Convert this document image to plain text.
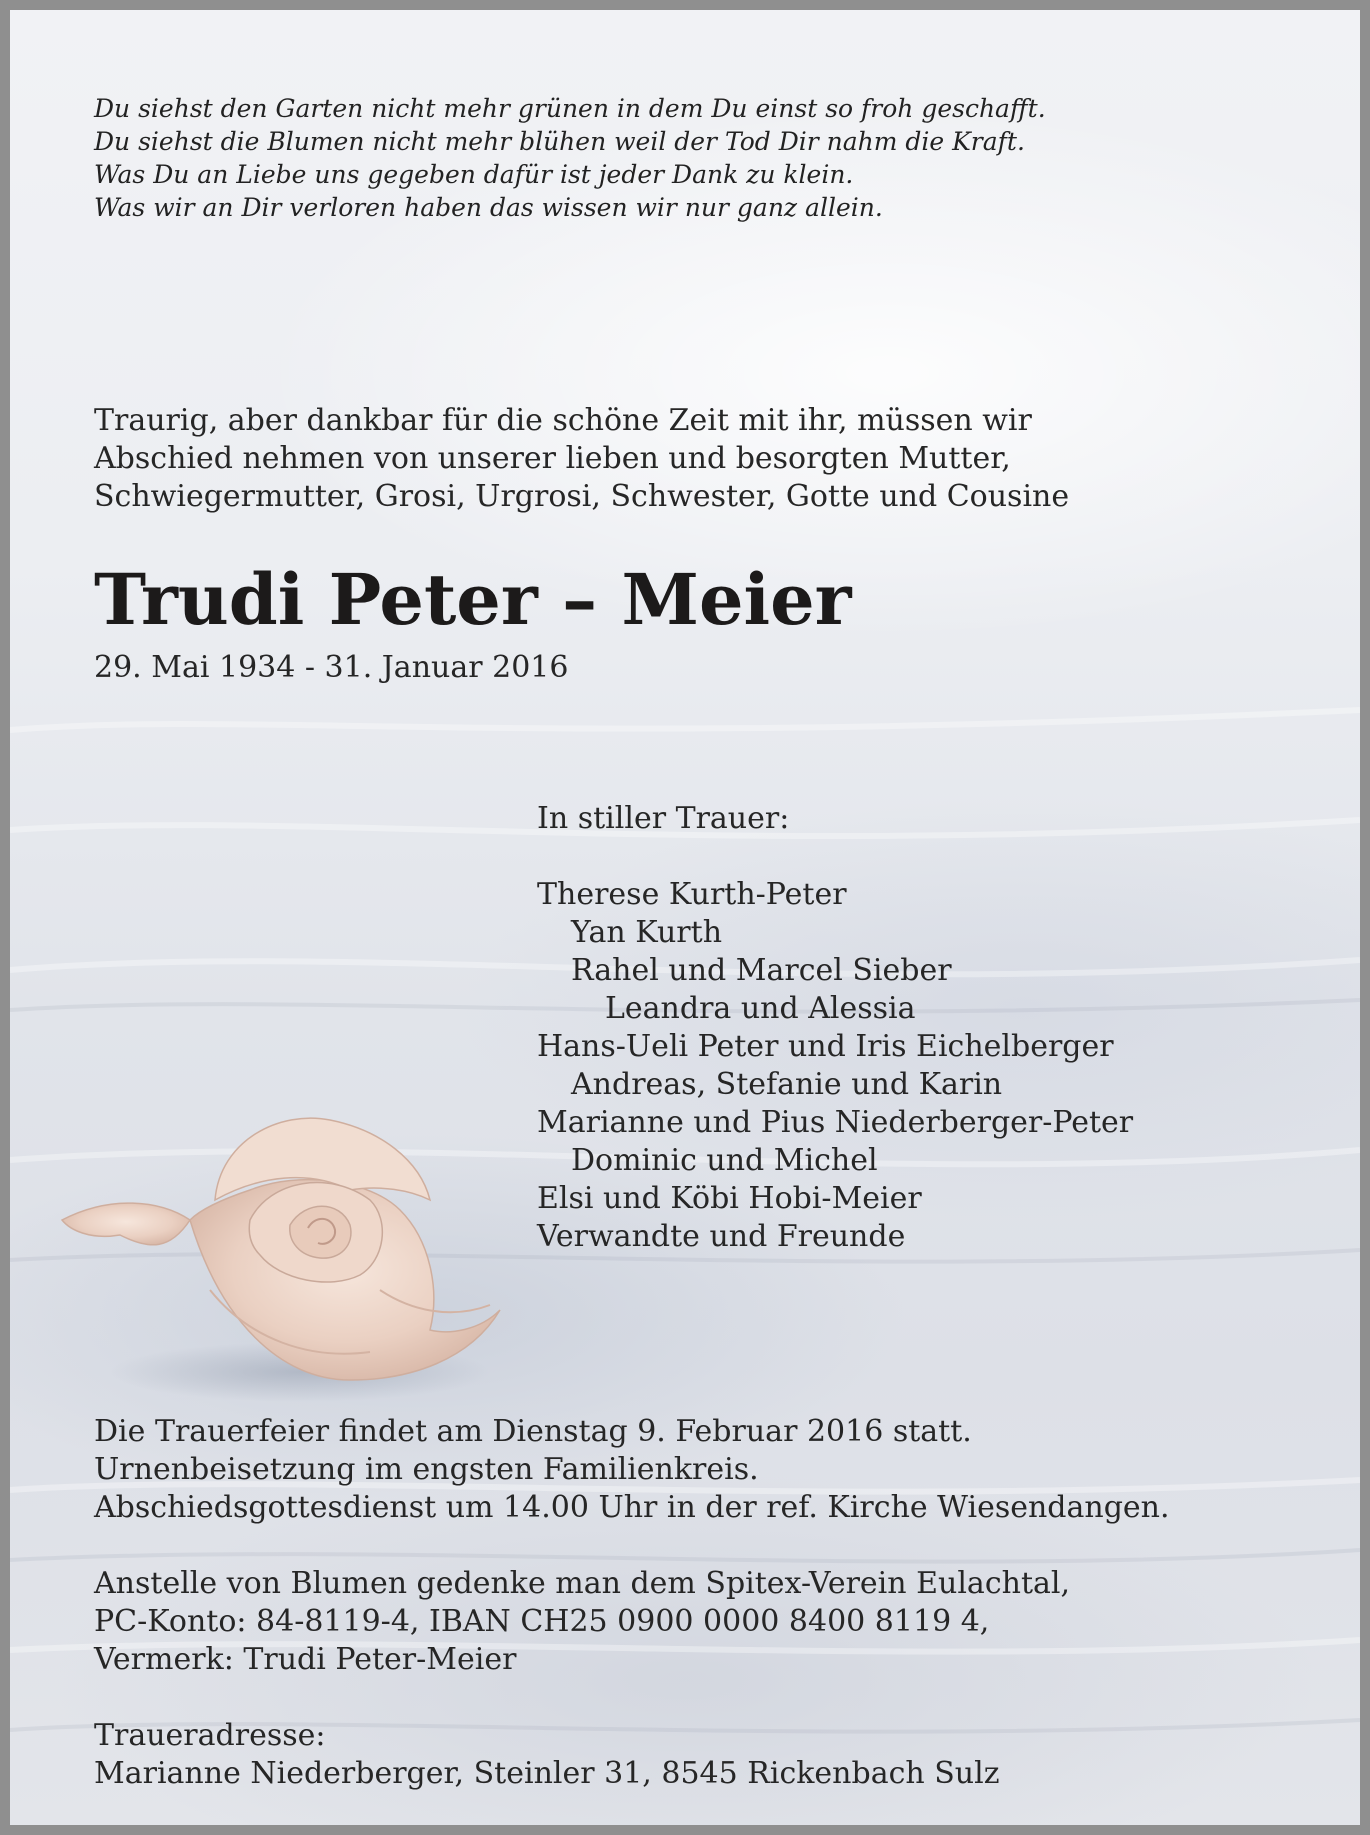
Du siehst den Garten nicht mehr grünen in dem Du einst so froh geschafft.
Du siehst die Blumen nicht mehr blühen weil der Tod Dir nahm die Kraft.
Was Du an Liebe uns gegeben dafür ist jeder Dank zu klein.
Was wir an Dir verloren haben das wissen wir nur ganz allein.
Traurig, aber dankbar für die schöne Zeit mit ihr, müssen wir
Abschied nehmen von unserer lieben und besorgten Mutter,
Schwiegermutter, Grosi, Urgrosi, Schwester, Gotte und Cousine
Trudi Peter – Meier
29. Mai 1934 - 31. Januar 2016
In stiller Trauer:
Therese Kurth-Peter
Yan Kurth
Rahel und Marcel Sieber
Leandra und Alessia
Hans-Ueli Peter und Iris Eichelberger
Andreas, Stefanie und Karin
Marianne und Pius Niederberger-Peter
Dominic und Michel
Elsi und Köbi Hobi-Meier
Verwandte und Freunde
Die Trauerfeier findet am Dienstag 9. Februar 2016 statt.
Urnenbeisetzung im engsten Familienkreis.
Abschiedsgottesdienst um 14.00 Uhr in der ref. Kirche Wiesendangen.
Anstelle von Blumen gedenke man dem Spitex-Verein Eulachtal,
PC-Konto: 84-8119-4, IBAN CH25 0900 0000 8400 8119 4,
Vermerk: Trudi Peter-Meier
Traueradresse:
Marianne Niederberger, Steinler 31, 8545 Rickenbach Sulz
